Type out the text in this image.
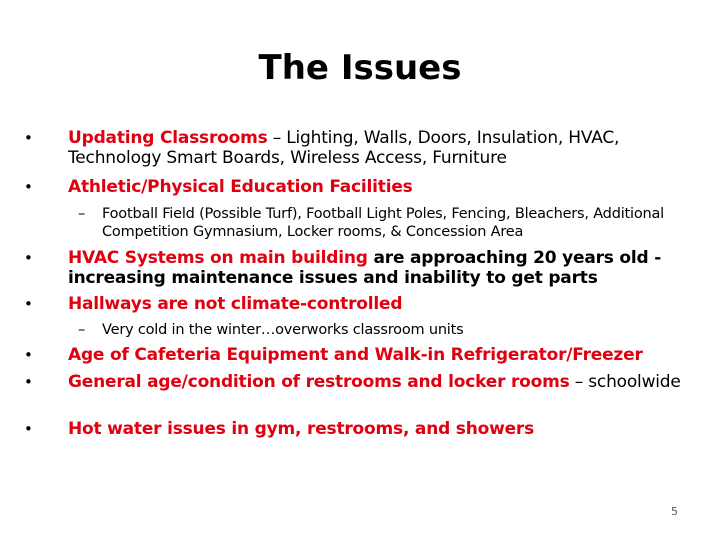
The Issues
• Updating Classrooms – Lighting, Walls, Doors, Insulation, HVAC, Technology Smart Boards, Wireless Access, Furniture
• Athletic/Physical Education Facilities
– Football Field (Possible Turf), Football Light Poles, Fencing, Bleachers, Additional Competition Gymnasium, Locker rooms, & Concession Area
• HVAC Systems on main building are approaching 20 years old - increasing maintenance issues and inability to get parts
• Hallways are not climate-controlled
– Very cold in the winter…overworks classroom units
• Age of Cafeteria Equipment and Walk-in Refrigerator/Freezer
• General age/condition of restrooms and locker rooms – schoolwide
• Hot water issues in gym, restrooms, and showers
5
